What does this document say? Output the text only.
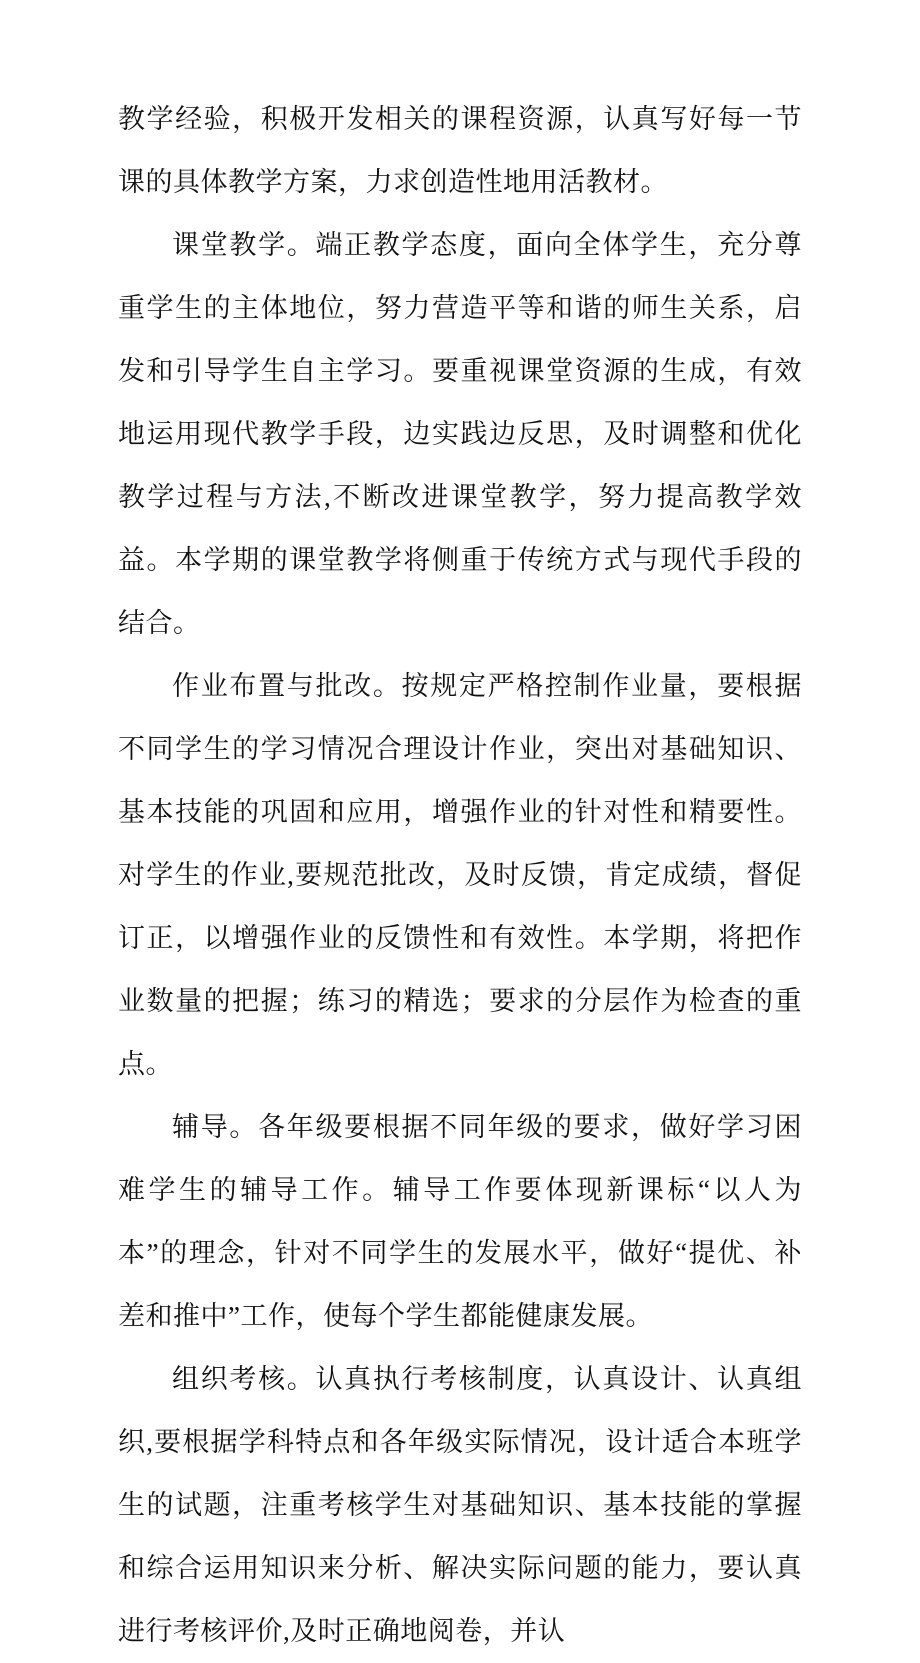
教学经验，积极开发相关的课程资源，认真写好每一节课的具体教学方案，力求创造性地用活教材。

课堂教学。端正教学态度，面向全体学生，充分尊重学生的主体地位，努力营造平等和谐的师生关系，启发和引导学生自主学习。要重视课堂资源的生成，有效地运用现代教学手段，边实践边反思，及时调整和优化教学过程与方法,不断改进课堂教学，努力提高教学效益。本学期的课堂教学将侧重于传统方式与现代手段的结合。

作业布置与批改。按规定严格控制作业量，要根据不同学生的学习情况合理设计作业，突出对基础知识、基本技能的巩固和应用，增强作业的针对性和精要性。对学生的作业,要规范批改，及时反馈，肯定成绩，督促订正，以增强作业的反馈性和有效性。本学期，将把作业数量的把握；练习的精选；要求的分层作为检查的重点。

辅导。各年级要根据不同年级的要求，做好学习困难学生的辅导工作。辅导工作要体现新课标“以人为本”的理念，针对不同学生的发展水平，做好“提优、补差和推中”工作，使每个学生都能健康发展。

组织考核。认真执行考核制度，认真设计、认真组织,要根据学科特点和各年级实际情况，设计适合本班学生的试题，注重考核学生对基础知识、基本技能的掌握和综合运用知识来分析、解决实际问题的能力，要认真进行考核评价,及时正确地阅卷，并认
